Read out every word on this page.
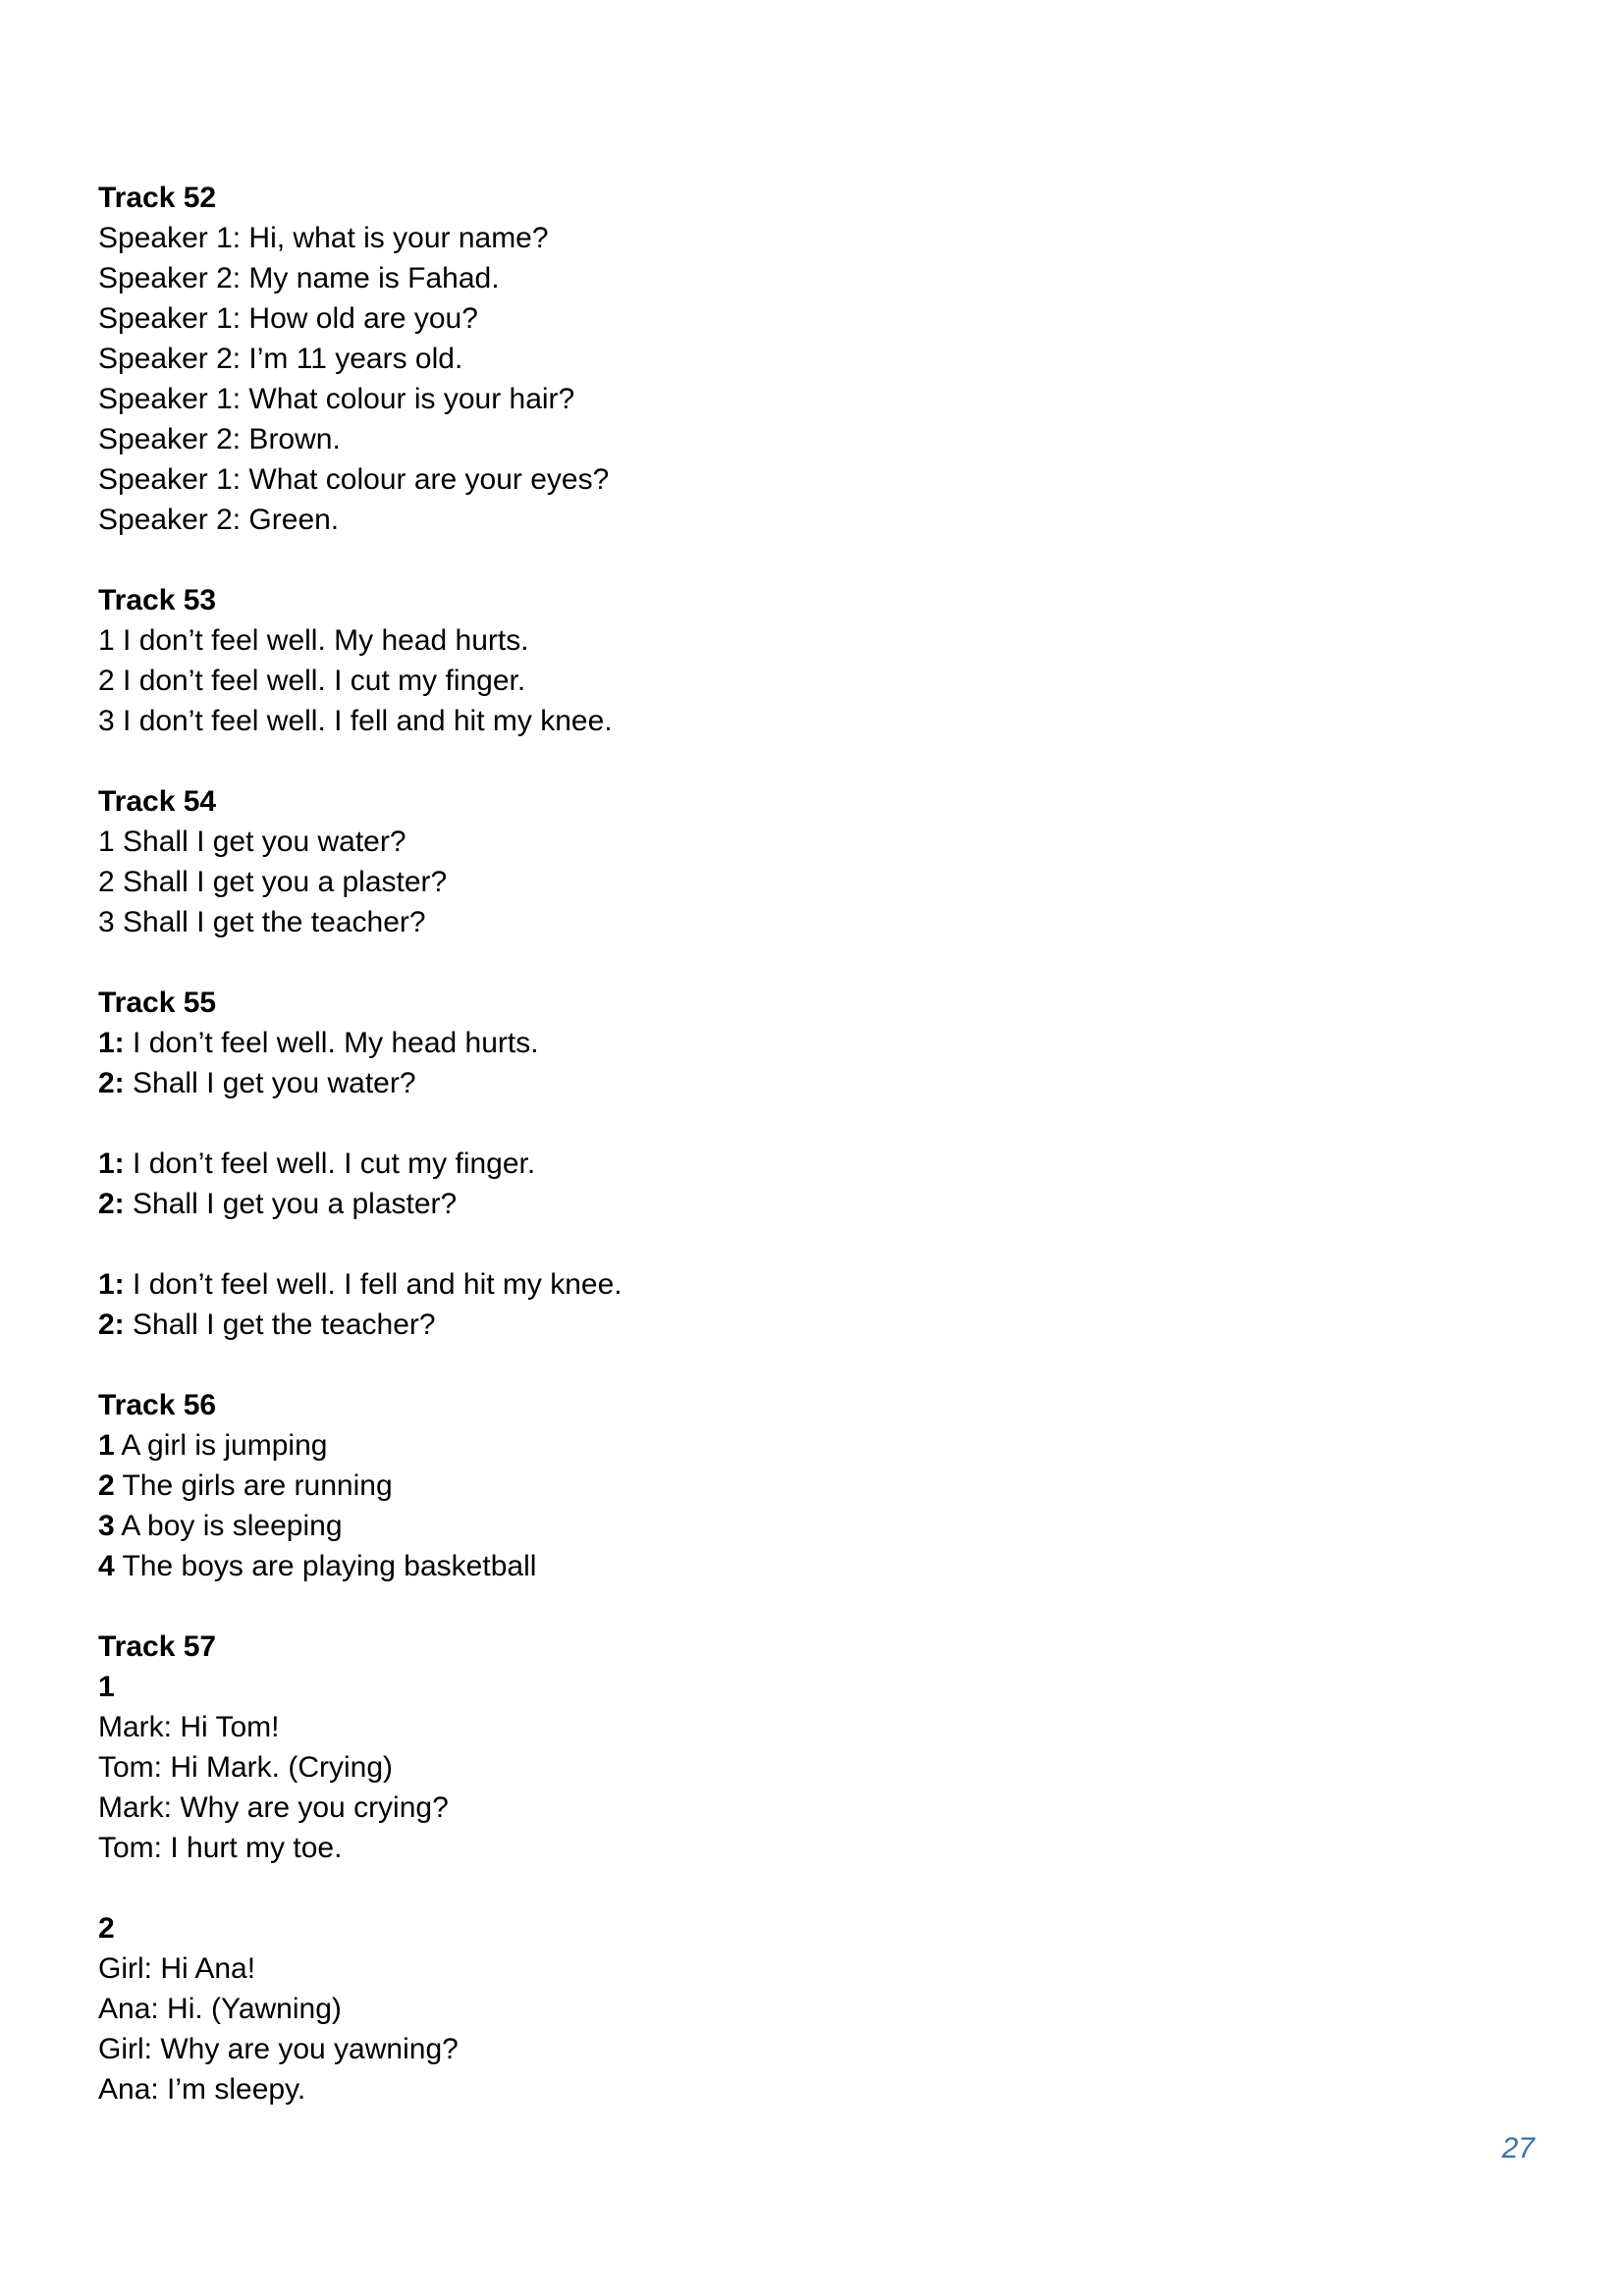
Track 52
Speaker 1: Hi, what is your name?
Speaker 2: My name is Fahad.
Speaker 1: How old are you?
Speaker 2: I’m 11 years old.
Speaker 1: What colour is your hair?
Speaker 2: Brown.
Speaker 1: What colour are your eyes?
Speaker 2: Green.
Track 53
1 I don’t feel well. My head hurts.
2 I don’t feel well. I cut my finger.
3 I don’t feel well. I fell and hit my knee.
Track 54
1 Shall I get you water?
2 Shall I get you a plaster?
3 Shall I get the teacher?
Track 55
1: I don’t feel well. My head hurts.
2: Shall I get you water?
1: I don’t feel well. I cut my finger.
2: Shall I get you a plaster?
1: I don’t feel well. I fell and hit my knee.
2: Shall I get the teacher?
Track 56
1 A girl is jumping
2 The girls are running
3 A boy is sleeping
4 The boys are playing basketball
Track 57
1
Mark: Hi Tom!
Tom: Hi Mark. (Crying)
Mark: Why are you crying?
Tom: I hurt my toe.
2
Girl: Hi Ana!
Ana: Hi. (Yawning)
Girl: Why are you yawning?
Ana: I’m sleepy.
27
